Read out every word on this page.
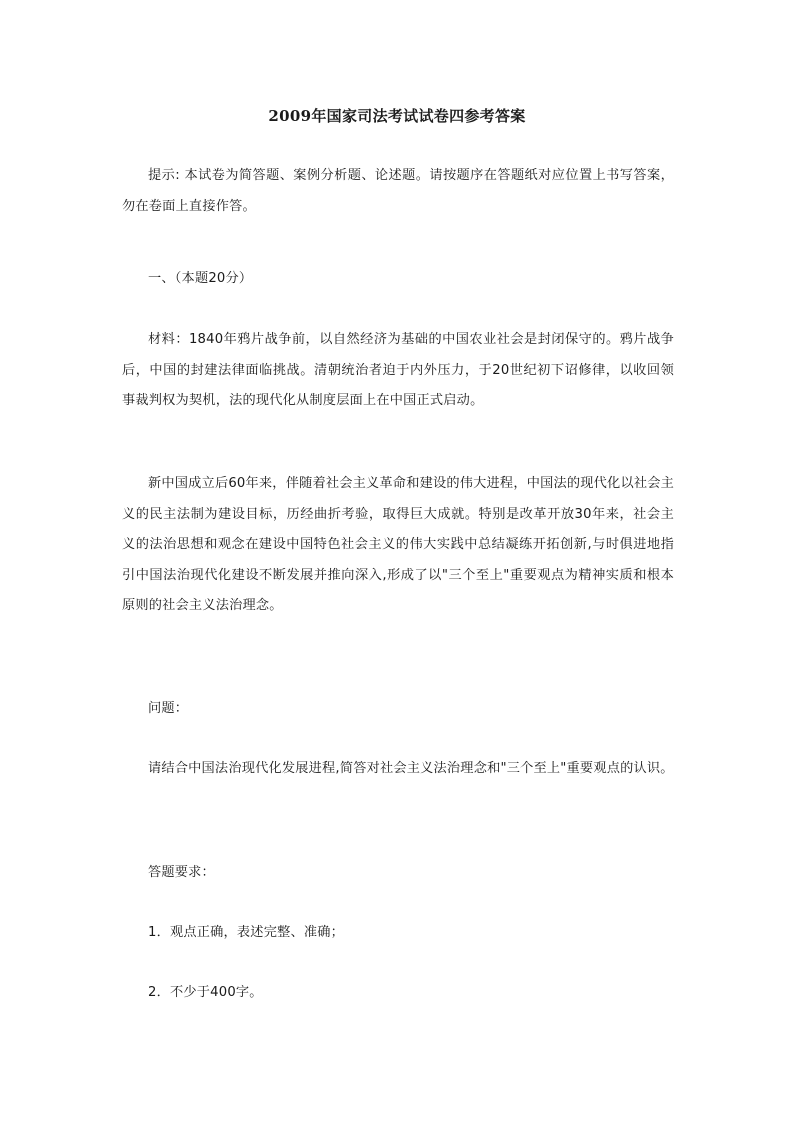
2009年国家司法考试试卷四参考答案
提示: 本试卷为简答题、案例分析题、论述题。请按题序在答题纸对应位置上书写答案，勿在卷面上直接作答。
一、（本题20分）
材料：1840年鸦片战争前，以自然经济为基础的中国农业社会是封闭保守的。鸦片战争后，中国的封建法律面临挑战。清朝统治者迫于内外压力，于20世纪初下诏修律，以收回领事裁判权为契机，法的现代化从制度层面上在中国正式启动。
新中国成立后60年来，伴随着社会主义革命和建设的伟大进程，中国法的现代化以社会主义的民主法制为建设目标，历经曲折考验，取得巨大成就。特别是改革开放30年来，社会主义的法治思想和观念在建设中国特色社会主义的伟大实践中总结凝练开拓创新,与时俱进地指引中国法治现代化建设不断发展并推向深入,形成了以"三个至上"重要观点为精神实质和根本原则的社会主义法治理念。
问题：
请结合中国法治现代化发展进程,简答对社会主义法治理念和"三个至上"重要观点的认识。
答题要求：
1．观点正确，表述完整、准确；
2．不少于400字。
